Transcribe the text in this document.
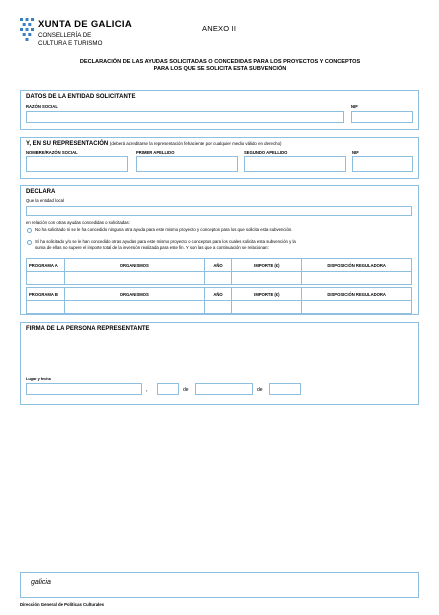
XUNTA DE GALICIA
CONSELLERÍA DE
CULTURA E TURISMO
ANEXO II
DECLARACIÓN DE LAS AYUDAS SOLICITADAS O CONCEDIDAS PARA LOS PROYECTOS Y CONCEPTOS
PARA LOS QUE SE SOLICITA ESTA SUBVENCIÓN
DATOS DE LA ENTIDAD SOLICITANTE
RAZÓN SOCIAL	NIF
Y, EN SU REPRESENTACIÓN (deberá acreditarse la representación fehaciente por cualquier medio válido en derecho)
NOMBRE/RAZÓN SOCIAL	PRIMER APELLIDO	SEGUNDO APELLIDO	NIF
DECLARA
Que la entidad local
en relación con otras ayudas concedidas o solicitadas:
No ha solicitado ni se le ha concedido ninguna otra ayuda para este mismo proyecto y conceptos para los que solicita esta subvención.
Sí ha solicitado y/o se le han concedido otras ayudas para este mismo proyecto o conceptos para los cuales solicita esta subvención y la
suma de ellas no supere el importe total de la inversión realizada para este fin. Y son las que a continuación se relacionan:
PROGRAMA A	ORGANISMOS	AÑO	IMPORTE (€)	DISPOSICIÓN REGULADORA

PROGRAMA B	ORGANISMOS	AÑO	IMPORTE (€)	DISPOSICIÓN REGULADORA

FIRMA DE LA PERSONA REPRESENTANTE
Lugar y fecha
,	de	de
galicia
Dirección General de Políticas Culturales
